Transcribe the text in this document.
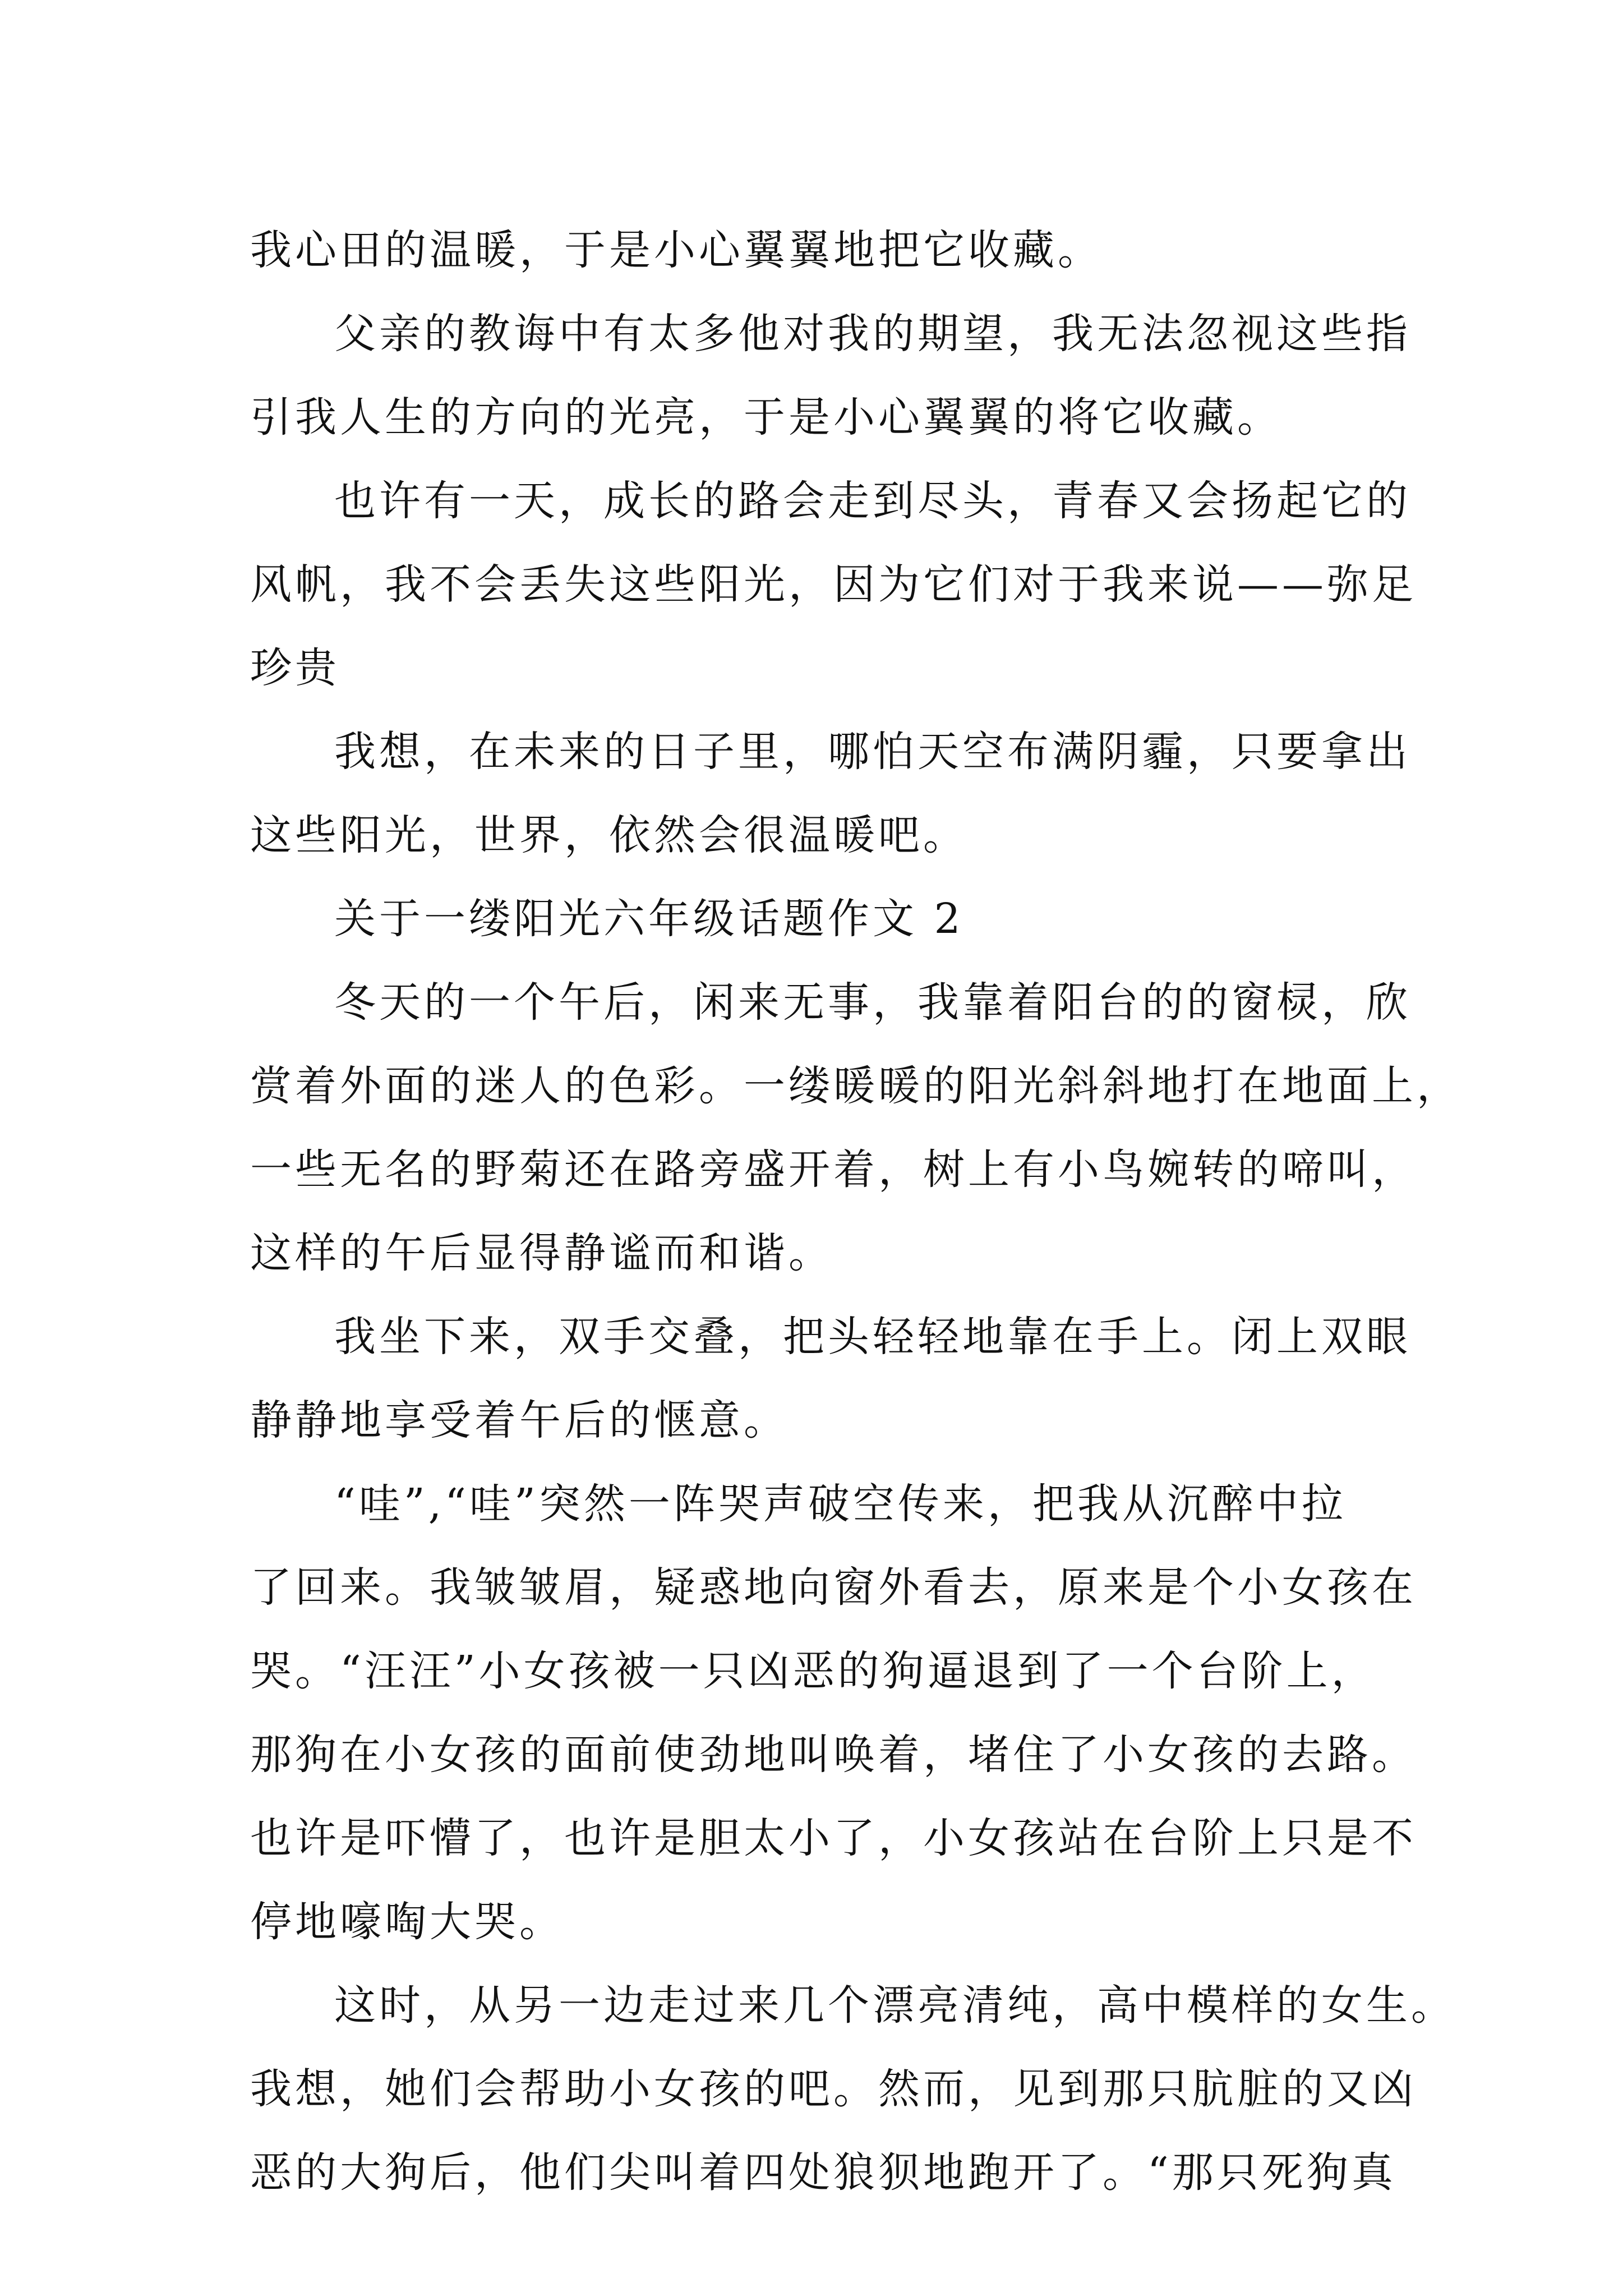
我心田的温暖，于是小心翼翼地把它收藏。
父亲的教诲中有太多他对我的期望，我无法忽视这些指
引我人生的方向的光亮，于是小心翼翼的将它收藏。
也许有一天，成长的路会走到尽头，青春又会扬起它的
风帆，我不会丢失这些阳光，因为它们对于我来说——弥足
珍贵
我想，在未来的日子里，哪怕天空布满阴霾，只要拿出
这些阳光，世界，依然会很温暖吧。
关于一缕阳光六年级话题作文 2
冬天的一个午后，闲来无事，我靠着阳台的的窗棂，欣
赏着外面的迷人的色彩。一缕暖暖的阳光斜斜地打在地面上，
一些无名的野菊还在路旁盛开着，树上有小鸟婉转的啼叫，
这样的午后显得静谧而和谐。
我坐下来，双手交叠，把头轻轻地靠在手上。闭上双眼
静静地享受着午后的惬意。
“哇”,“哇”突然一阵哭声破空传来，把我从沉醉中拉
了回来。我皱皱眉，疑惑地向窗外看去，原来是个小女孩在
哭。“汪汪”小女孩被一只凶恶的狗逼退到了一个台阶上，
那狗在小女孩的面前使劲地叫唤着，堵住了小女孩的去路。
也许是吓懵了，也许是胆太小了，小女孩站在台阶上只是不
停地嚎啕大哭。
这时，从另一边走过来几个漂亮清纯，高中模样的女生。
我想，她们会帮助小女孩的吧。然而，见到那只肮脏的又凶
恶的大狗后，他们尖叫着四处狼狈地跑开了。“那只死狗真
